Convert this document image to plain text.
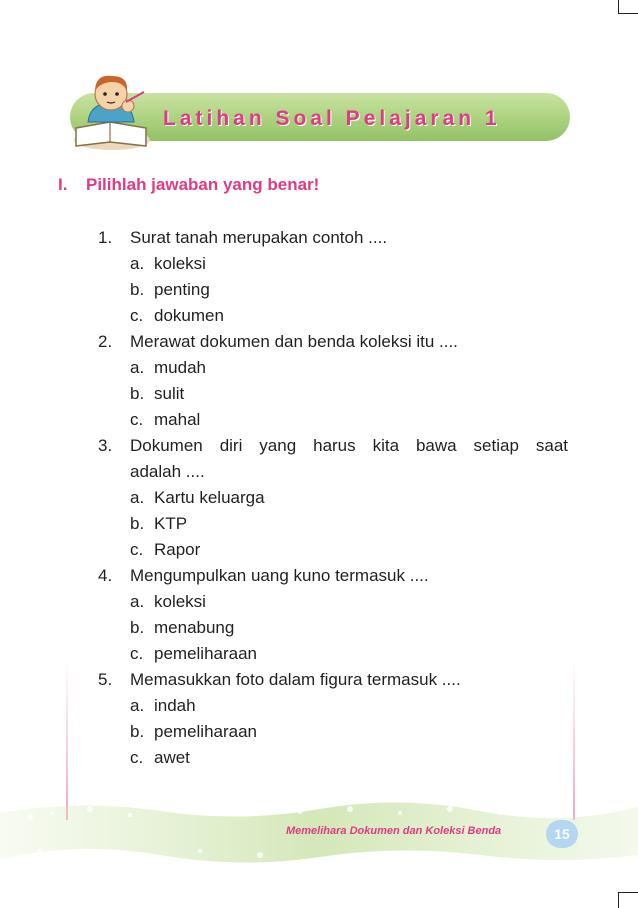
Latihan Soal Pelajaran 1
I. Pilihlah jawaban yang benar!
1. Surat tanah merupakan contoh ....
a. koleksi
b. penting
c. dokumen
2. Merawat dokumen dan benda koleksi itu ....
a. mudah
b. sulit
c. mahal
3. Dokumen diri yang harus kita bawa setiap saat
adalah ....
a. Kartu keluarga
b. KTP
c. Rapor
4. Mengumpulkan uang kuno termasuk ....
a. koleksi
b. menabung
c. pemeliharaan
5. Memasukkan foto dalam figura termasuk ....
a. indah
b. pemeliharaan
c. awet
Memelihara Dokumen dan Koleksi Benda	15
